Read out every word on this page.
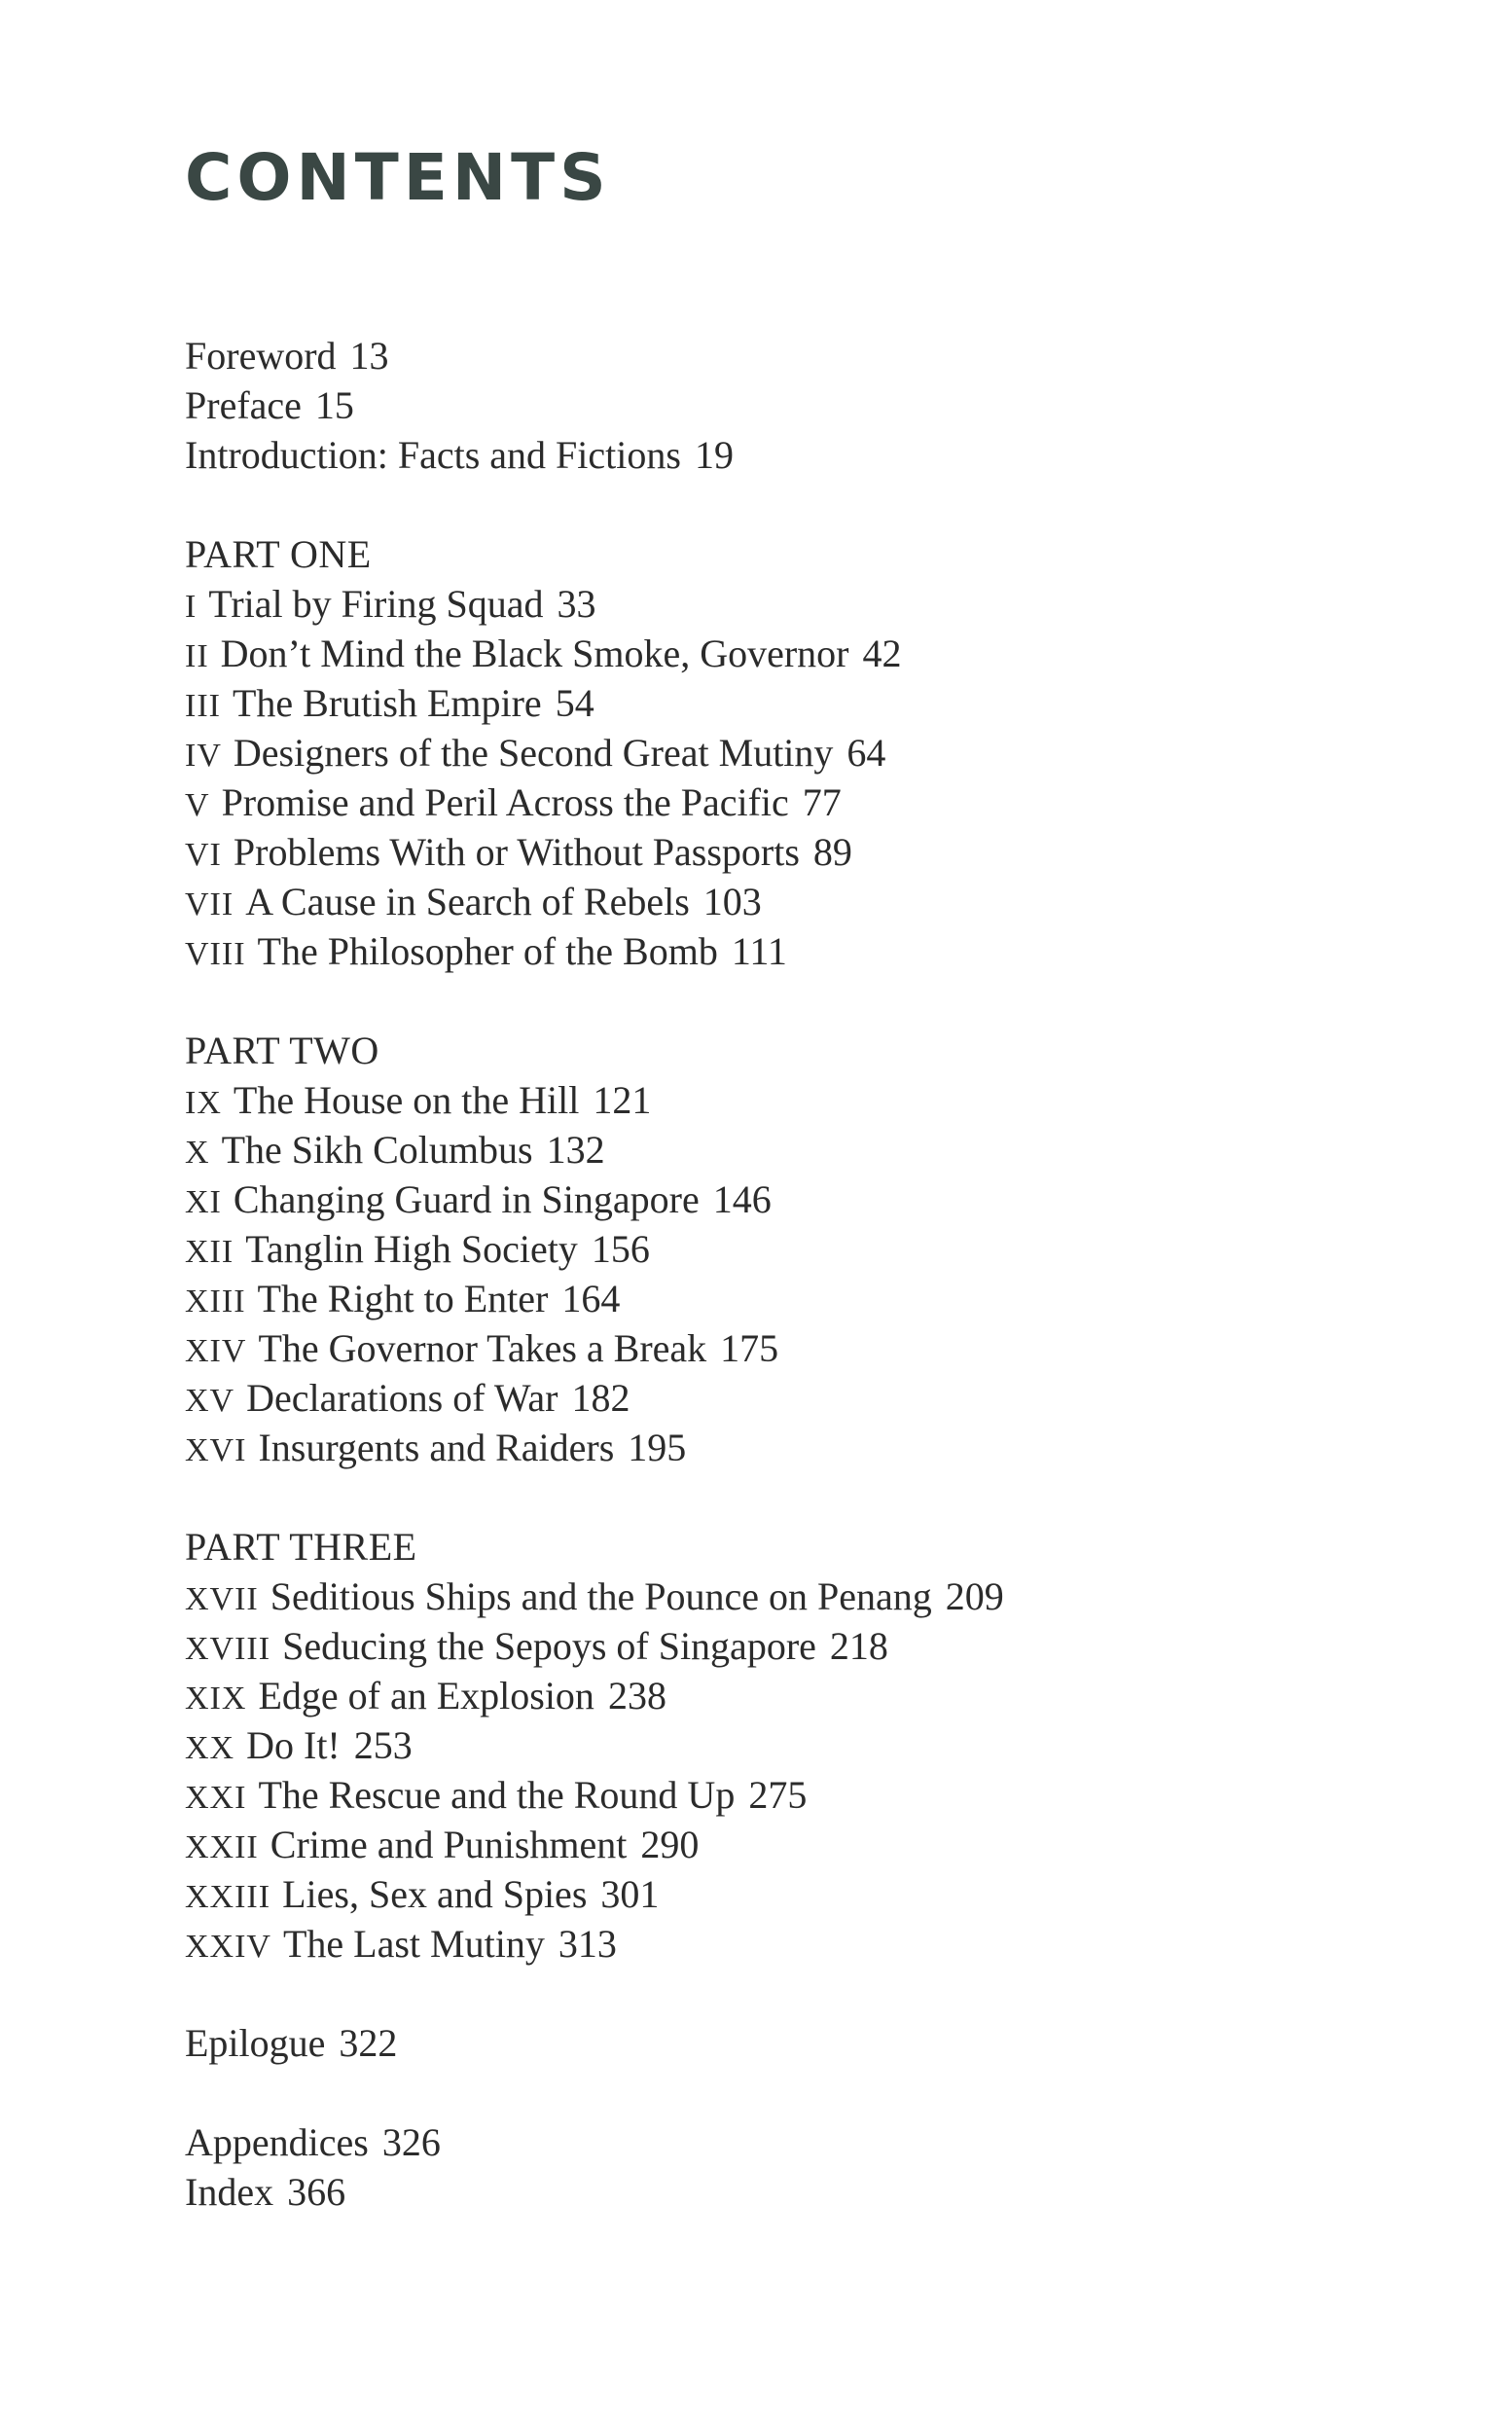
CONTENTS
Foreword 13
Preface 15
Introduction: Facts and Fictions 19
PART ONE
I Trial by Firing Squad 33
II Don’t Mind the Black Smoke, Governor 42
III The Brutish Empire 54
IV Designers of the Second Great Mutiny 64
V Promise and Peril Across the Pacific 77
VI Problems With or Without Passports 89
VII A Cause in Search of Rebels 103
VIII The Philosopher of the Bomb 111
PART TWO
IX The House on the Hill 121
X The Sikh Columbus 132
XI Changing Guard in Singapore 146
XII Tanglin High Society 156
XIII The Right to Enter 164
XIV The Governor Takes a Break 175
XV Declarations of War 182
XVI Insurgents and Raiders 195
PART THREE
XVII Seditious Ships and the Pounce on Penang 209
XVIII Seducing the Sepoys of Singapore 218
XIX Edge of an Explosion 238
XX Do It! 253
XXI The Rescue and the Round Up 275
XXII Crime and Punishment 290
XXIII Lies, Sex and Spies 301
XXIV The Last Mutiny 313
Epilogue 322
Appendices 326
Index 366
